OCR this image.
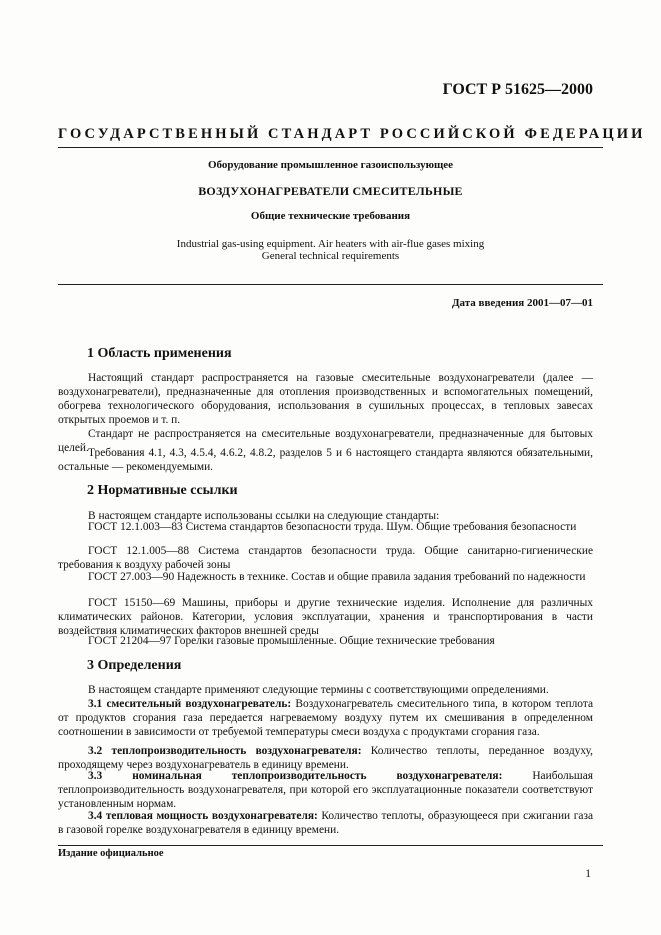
ГОСТ Р 51625—2000
ГОСУДАРСТВЕННЫЙ СТАНДАРТ РОССИЙСКОЙ ФЕДЕРАЦИИ
Оборудование промышленное газоиспользующее
ВОЗДУХОНАГРЕВАТЕЛИ СМЕСИТЕЛЬНЫЕ
Общие технические требования
Industrial gas-using equipment. Air heaters with air-flue gases mixing
General technical requirements
Дата введения 2001—07—01
1 Область применения
Настоящий стандарт распространяется на газовые смесительные воздухонагреватели (далее — воздухонагреватели), предназначенные для отопления производственных и вспомогательных помещений, обогрева технологического оборудования, использования в сушильных процессах, в тепловых завесах открытых проемов и т. п.
Стандарт не распространяется на смесительные воздухонагреватели, предназначенные для бытовых целей. Требования 4.1, 4.3, 4.5.4, 4.6.2, 4.8.2, разделов 5 и 6 настоящего стандарта являются обязательными, остальные — рекомендуемыми.
2 Нормативные ссылки
В настоящем стандарте использованы ссылки на следующие стандарты:
ГОСТ 12.1.003—83 Система стандартов безопасности труда. Шум. Общие требования безопасности
ГОСТ 12.1.005—88 Система стандартов безопасности труда. Общие санитарно-гигиенические требования к воздуху рабочей зоны
ГОСТ 27.003—90 Надежность в технике. Состав и общие правила задания требований по надежности
ГОСТ 15150—69 Машины, приборы и другие технические изделия. Исполнение для различных климатических районов. Категории, условия эксплуатации, хранения и транспортирования в части воздействия климатических факторов внешней среды
ГОСТ 21204—97 Горелки газовые промышленные. Общие технические требования
3 Определения
В настоящем стандарте применяют следующие термины с соответствующими определениями.
3.1 смесительный воздухонагреватель: Воздухонагреватель смесительного типа, в котором теплота от продуктов сгорания газа передается нагреваемому воздуху путем их смешивания в определенном соотношении в зависимости от требуемой температуры смеси воздуха с продуктами сгорания газа.
3.2 теплопроизводительность воздухонагревателя: Количество теплоты, переданное воздуху, проходящему через воздухонагреватель в единицу времени.
3.3 номинальная теплопроизводительность воздухонагревателя: Наибольшая теплопроизводительность воздухонагревателя, при которой его эксплуатационные показатели соответствуют установленным нормам.
3.4 тепловая мощность воздухонагревателя: Количество теплоты, образующееся при сжигании газа в газовой горелке воздухонагревателя в единицу времени.
Издание официальное
1
